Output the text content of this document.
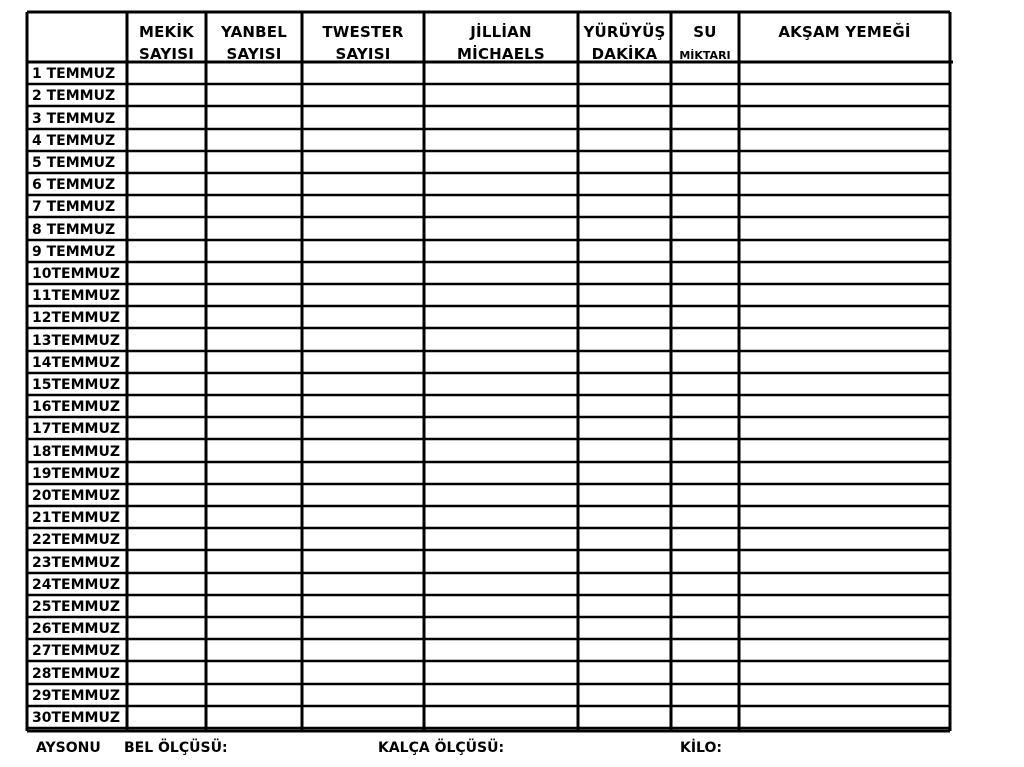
MEKİK
SAYISI
YANBEL
SAYISI
TWESTER
SAYISI
JİLLİAN
MİCHAELS
YÜRÜYÜŞ
DAKİKA
SU
MİKTARI
AKŞAM YEMEĞİ
1 TEMMUZ
2 TEMMUZ
3 TEMMUZ
4 TEMMUZ
5 TEMMUZ
6 TEMMUZ
7 TEMMUZ
8 TEMMUZ
9 TEMMUZ
10TEMMUZ
11TEMMUZ
12TEMMUZ
13TEMMUZ
14TEMMUZ
15TEMMUZ
16TEMMUZ
17TEMMUZ
18TEMMUZ
19TEMMUZ
20TEMMUZ
21TEMMUZ
22TEMMUZ
23TEMMUZ
24TEMMUZ
25TEMMUZ
26TEMMUZ
27TEMMUZ
28TEMMUZ
29TEMMUZ
30TEMMUZ
AYSONU BEL ÖLÇÜSÜ:	KALÇA ÖLÇÜSÜ:	KİLO:
